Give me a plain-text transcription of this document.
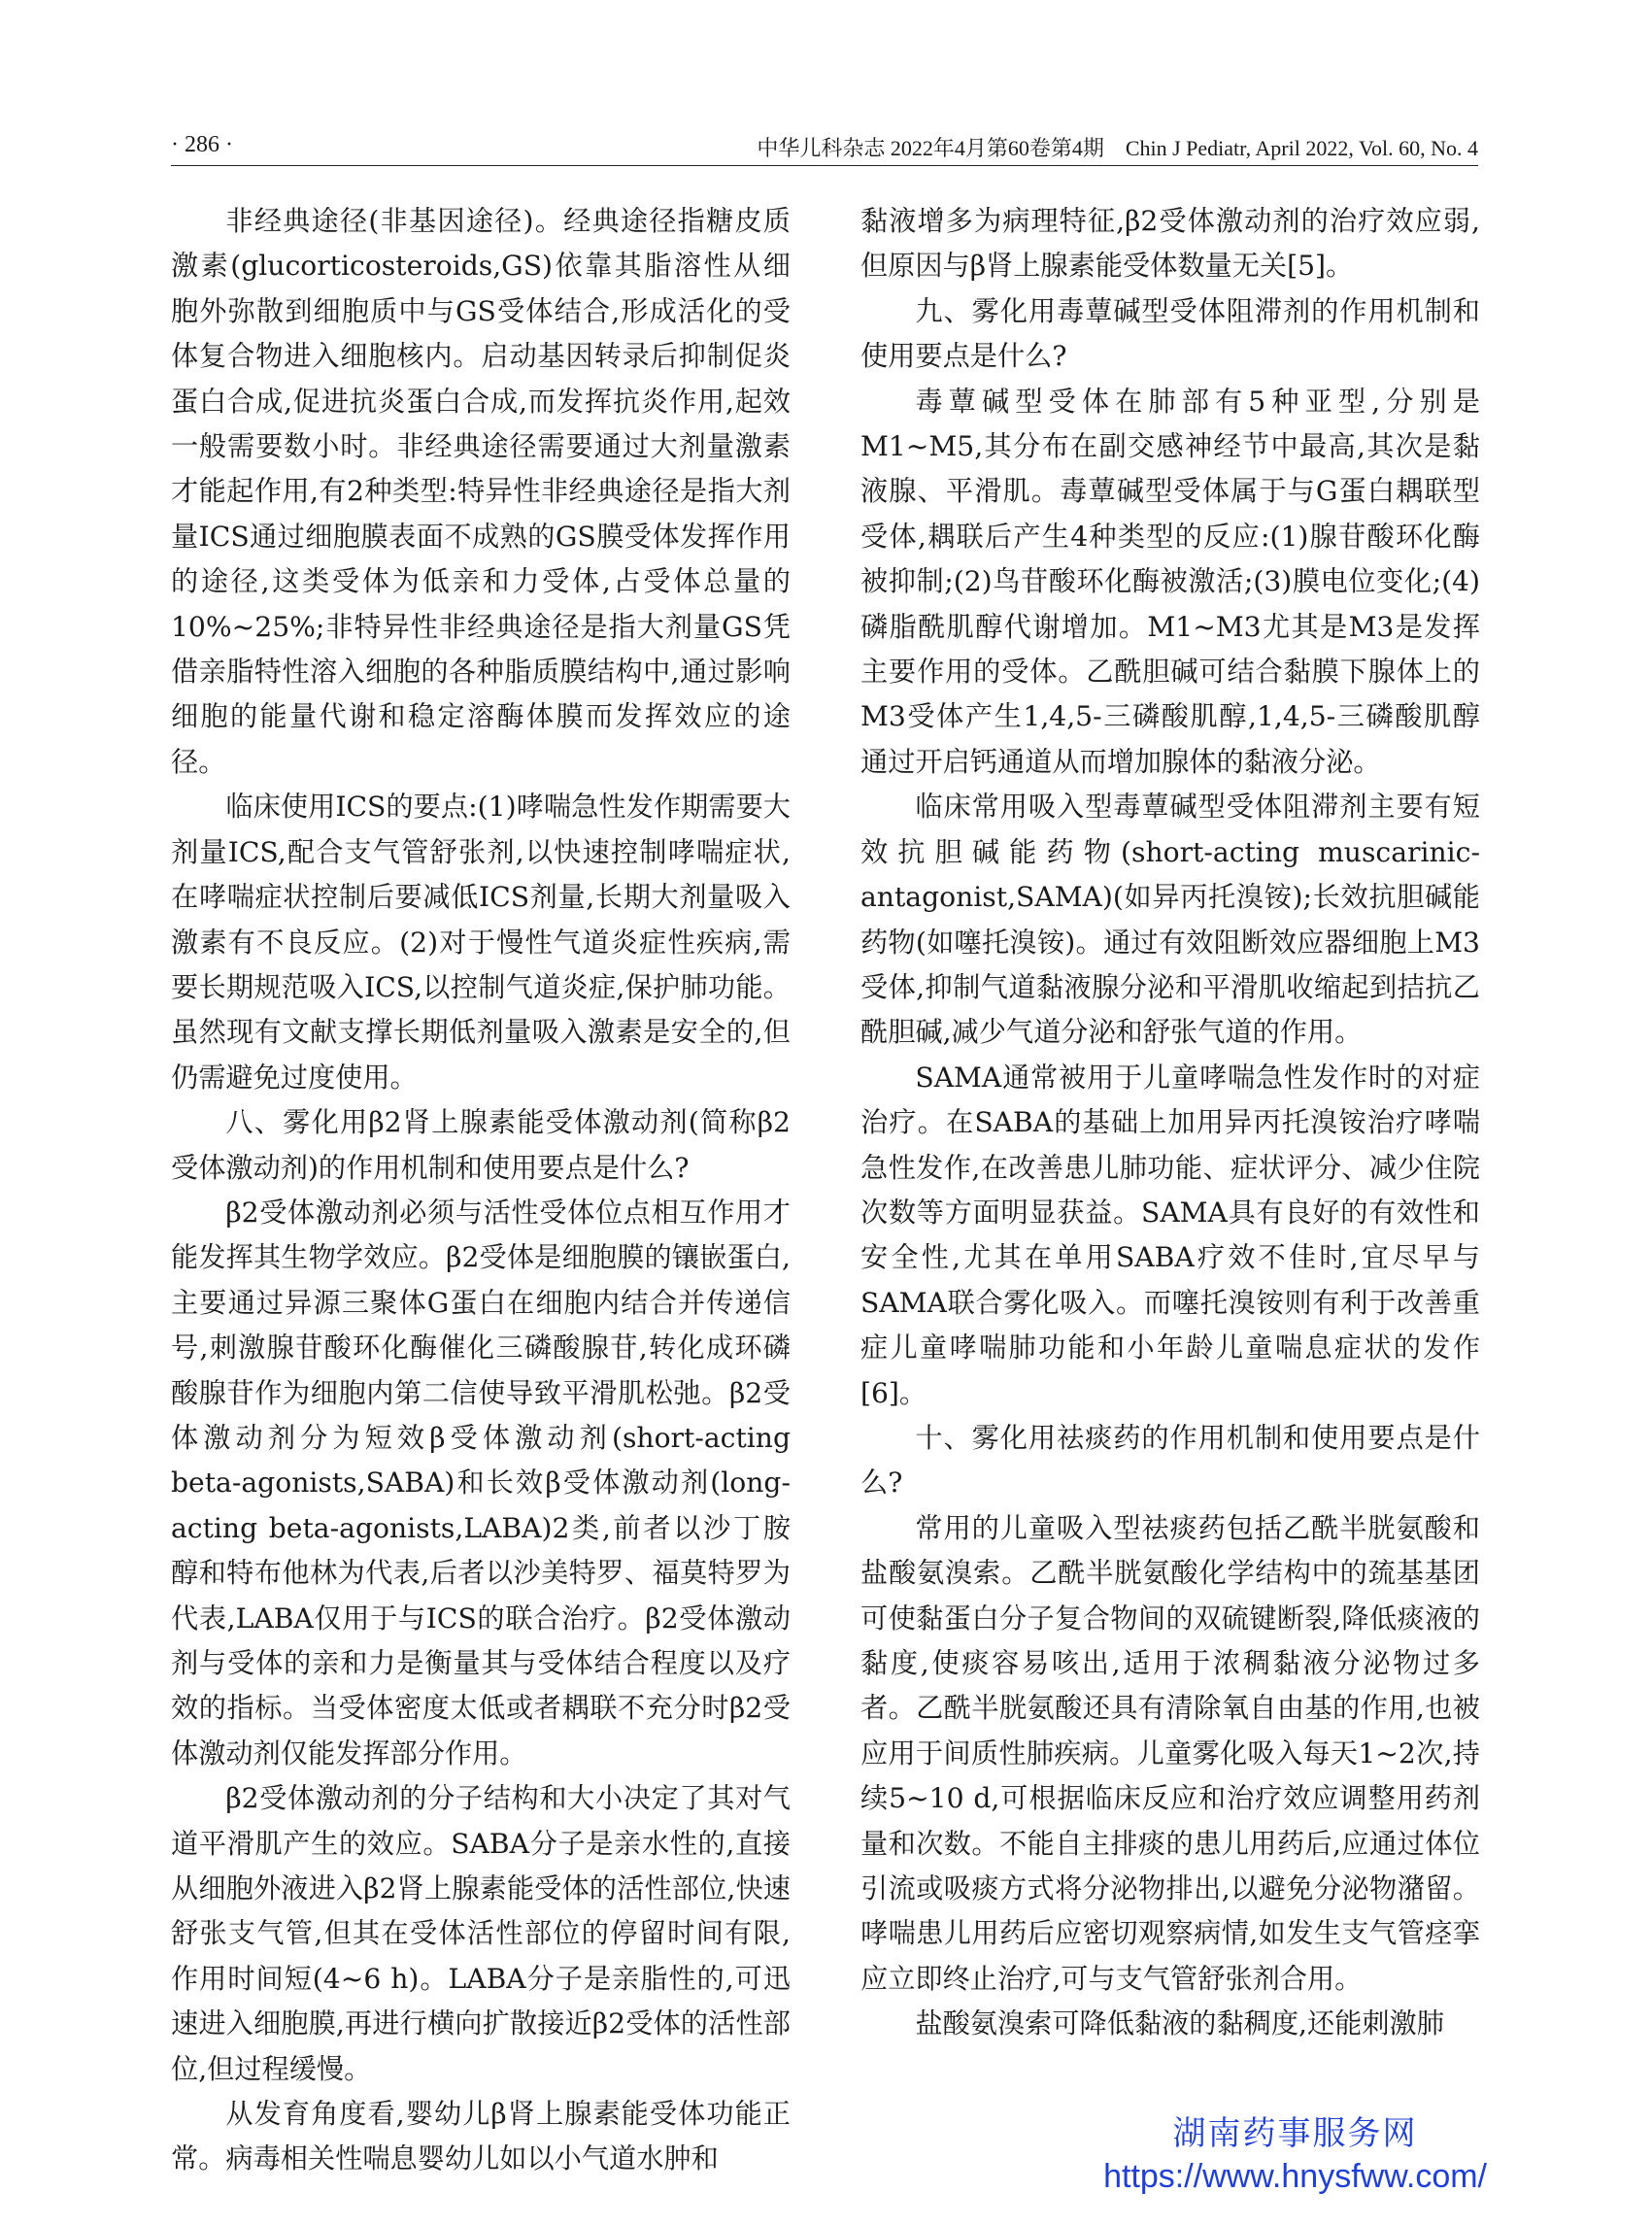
· 286 ·	中华儿科杂志 2022年4月第60卷第4期　Chin J Pediatr, April 2022, Vol. 60, No. 4

非经典途径(非基因途径)。经典途径指糖皮质激素(glucorticosteroids,GS)依靠其脂溶性从细胞外弥散到细胞质中与GS受体结合,形成活化的受体复合物进入细胞核内。启动基因转录后抑制促炎蛋白合成,促进抗炎蛋白合成,而发挥抗炎作用,起效一般需要数小时。非经典途径需要通过大剂量激素才能起作用,有2种类型:特异性非经典途径是指大剂量ICS通过细胞膜表面不成熟的GS膜受体发挥作用的途径,这类受体为低亲和力受体,占受体总量的10%~25%;非特异性非经典途径是指大剂量GS凭借亲脂特性溶入细胞的各种脂质膜结构中,通过影响细胞的能量代谢和稳定溶酶体膜而发挥效应的途径。

临床使用ICS的要点:(1)哮喘急性发作期需要大剂量ICS,配合支气管舒张剂,以快速控制哮喘症状,在哮喘症状控制后要减低ICS剂量,长期大剂量吸入激素有不良反应。(2)对于慢性气道炎症性疾病,需要长期规范吸入ICS,以控制气道炎症,保护肺功能。虽然现有文献支撑长期低剂量吸入激素是安全的,但仍需避免过度使用。

八、雾化用β2肾上腺素能受体激动剂(简称β2受体激动剂)的作用机制和使用要点是什么?

β2受体激动剂必须与活性受体位点相互作用才能发挥其生物学效应。β2受体是细胞膜的镶嵌蛋白,主要通过异源三聚体G蛋白在细胞内结合并传递信号,刺激腺苷酸环化酶催化三磷酸腺苷,转化成环磷酸腺苷作为细胞内第二信使导致平滑肌松弛。β2受体激动剂分为短效β受体激动剂(short-acting beta-agonists,SABA)和长效β受体激动剂(long-acting beta-agonists,LABA)2类,前者以沙丁胺醇和特布他林为代表,后者以沙美特罗、福莫特罗为代表,LABA仅用于与ICS的联合治疗。β2受体激动剂与受体的亲和力是衡量其与受体结合程度以及疗效的指标。当受体密度太低或者耦联不充分时β2受体激动剂仅能发挥部分作用。

β2受体激动剂的分子结构和大小决定了其对气道平滑肌产生的效应。SABA分子是亲水性的,直接从细胞外液进入β2肾上腺素能受体的活性部位,快速舒张支气管,但其在受体活性部位的停留时间有限,作用时间短(4~6 h)。LABA分子是亲脂性的,可迅速进入细胞膜,再进行横向扩散接近β2受体的活性部位,但过程缓慢。

从发育角度看,婴幼儿β肾上腺素能受体功能正常。病毒相关性喘息婴幼儿如以小气道水肿和

黏液增多为病理特征,β2受体激动剂的治疗效应弱,但原因与β肾上腺素能受体数量无关[5]。

九、雾化用毒蕈碱型受体阻滞剂的作用机制和使用要点是什么?

毒蕈碱型受体在肺部有5种亚型,分别是M1~M5,其分布在副交感神经节中最高,其次是黏液腺、平滑肌。毒蕈碱型受体属于与G蛋白耦联型受体,耦联后产生4种类型的反应:(1)腺苷酸环化酶被抑制;(2)鸟苷酸环化酶被激活;(3)膜电位变化;(4)磷脂酰肌醇代谢增加。M1~M3尤其是M3是发挥主要作用的受体。乙酰胆碱可结合黏膜下腺体上的M3受体产生1,4,5-三磷酸肌醇,1,4,5-三磷酸肌醇通过开启钙通道从而增加腺体的黏液分泌。

临床常用吸入型毒蕈碱型受体阻滞剂主要有短效抗胆碱能药物(short-acting muscarinic-antagonist,SAMA)(如异丙托溴铵);长效抗胆碱能药物(如噻托溴铵)。通过有效阻断效应器细胞上M3受体,抑制气道黏液腺分泌和平滑肌收缩起到拮抗乙酰胆碱,减少气道分泌和舒张气道的作用。

SAMA通常被用于儿童哮喘急性发作时的对症治疗。在SABA的基础上加用异丙托溴铵治疗哮喘急性发作,在改善患儿肺功能、症状评分、减少住院次数等方面明显获益。SAMA具有良好的有效性和安全性,尤其在单用SABA疗效不佳时,宜尽早与SAMA联合雾化吸入。而噻托溴铵则有利于改善重症儿童哮喘肺功能和小年龄儿童喘息症状的发作[6]。

十、雾化用祛痰药的作用机制和使用要点是什么?

常用的儿童吸入型祛痰药包括乙酰半胱氨酸和盐酸氨溴索。乙酰半胱氨酸化学结构中的巯基基团可使黏蛋白分子复合物间的双硫键断裂,降低痰液的黏度,使痰容易咳出,适用于浓稠黏液分泌物过多者。乙酰半胱氨酸还具有清除氧自由基的作用,也被应用于间质性肺疾病。儿童雾化吸入每天1~2次,持续5~10 d,可根据临床反应和治疗效应调整用药剂量和次数。不能自主排痰的患儿用药后,应通过体位引流或吸痰方式将分泌物排出,以避免分泌物潴留。哮喘患儿用药后应密切观察病情,如发生支气管痉挛应立即终止治疗,可与支气管舒张剂合用。

盐酸氨溴索可降低黏液的黏稠度,还能刺激肺

湖南药事服务网
https://www.hnysfww.com/
